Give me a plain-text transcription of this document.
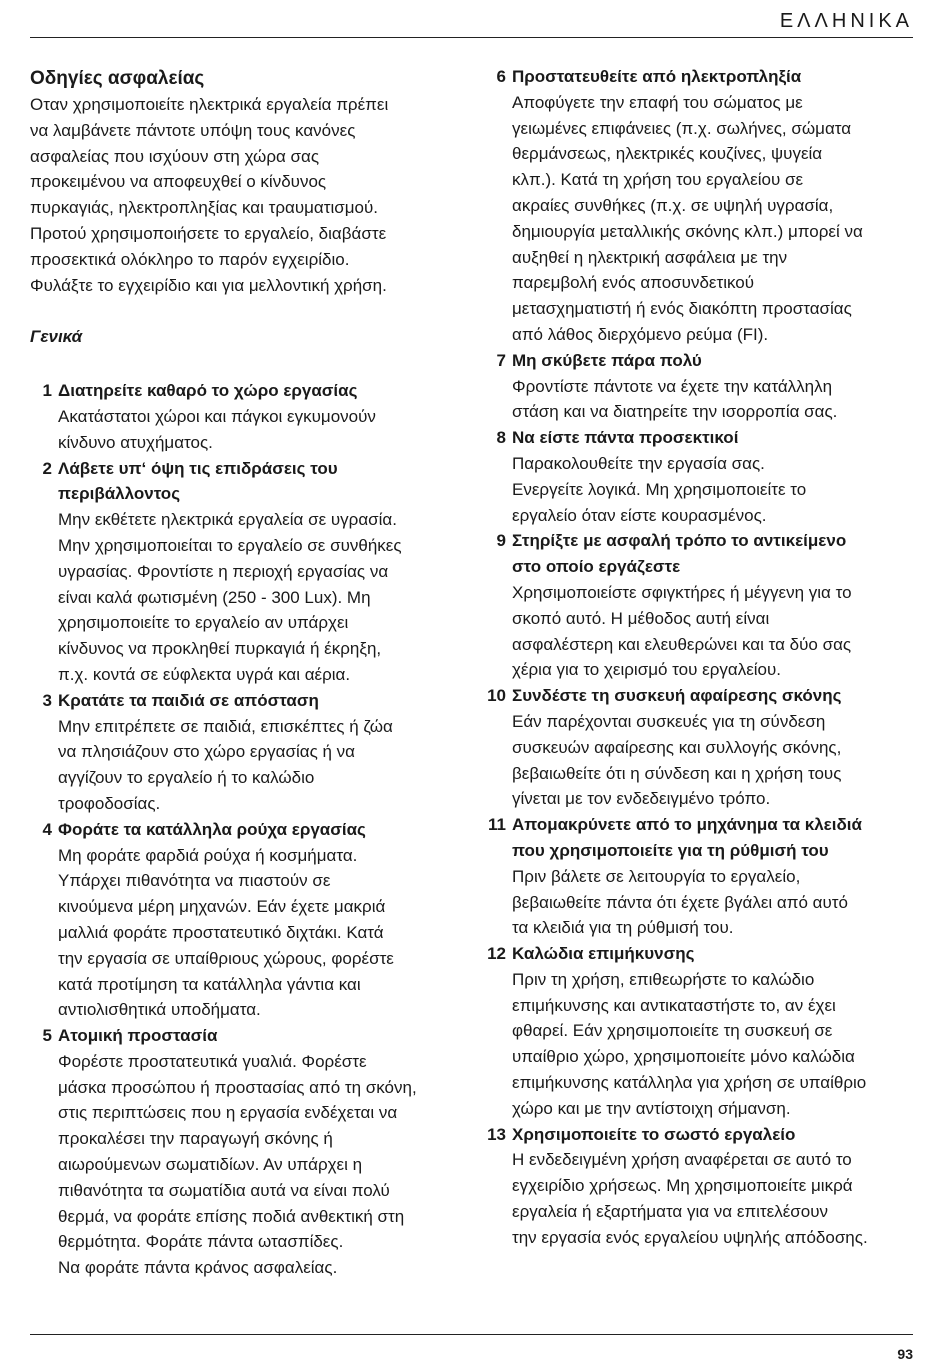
ΕΛΛΗΝΙΚΑ
Οδηγίες ασφαλείας
Οταν χρησιμοποιείτε ηλεκτρικά εργαλεία πρέπει
να λαμβάνετε πάντοτε υπόψη τους κανόνες
ασφαλείας που ισχύουν στη χώρα σας
προκειμένου να αποφευχθεί ο κίνδυνος
πυρκαγιάς, ηλεκτροπληξίας και τραυματισμού.
Προτού χρησιμοποιήσετε το εργαλείο, διαβάστε
προσεκτικά ολόκληρο το παρόν εγχειρίδιο.
Φυλάξτε το εγχειρίδιο και για μελλοντική χρήση.
Γενικά
1 Διατηρείτε καθαρό το χώρο εργασίας
Ακατάστατοι χώροι και πάγκοι εγκυμονούν
κίνδυνο ατυχήματος.
2 Λάβετε υπ‘ όψη τις επιδράσεις του
περιβάλλοντος
Μην εκθέτετε ηλεκτρικά εργαλεία σε υγρασία.
Μην χρησιμοποιείται το εργαλείο σε συνθήκες
υγρασίας. Φροντίστε η περιοχή εργασίας να
είναι καλά φωτισμένη (250 - 300 Lux). Μη
χρησιμοποιείτε το εργαλείο αν υπάρχει
κίνδυνος να προκληθεί πυρκαγιά ή έκρηξη,
π.χ. κοντά σε εύφλεκτα υγρά και αέρια.
3 Κρατάτε τα παιδιά σε απόσταση
Μην επιτρέπετε σε παιδιά, επισκέπτες ή ζώα
να πλησιάζουν στο χώρο εργασίας ή να
αγγίζουν το εργαλείο ή το καλώδιο
τροφοδοσίας.
4 Φοράτε τα κατάλληλα ρούχα εργασίας
Μη φοράτε φαρδιά ρούχα ή κοσμήματα.
Υπάρχει πιθανότητα να πιαστούν σε
κινούμενα μέρη μηχανών. Εάν έχετε μακριά
μαλλιά φοράτε προστατευτικό διχτάκι. Κατά
την εργασία σε υπαίθριους χώρους, φορέστε
κατά προτίμηση τα κατάλληλα γάντια και
αντιολισθητικά υποδήματα.
5 Ατομική προστασία
Φορέστε προστατευτικά γυαλιά. Φορέστε
μάσκα προσώπου ή προστασίας από τη σκόνη,
στις περιπτώσεις που η εργασία ενδέχεται να
προκαλέσει την παραγωγή σκόνης ή
αιωρούμενων σωματιδίων. Αν υπάρχει η
πιθανότητα τα σωματίδια αυτά να είναι πολύ
θερμά, να φοράτε επίσης ποδιά ανθεκτική στη
θερμότητα. Φοράτε πάντα ωτασπίδες.
Να φοράτε πάντα κράνος ασφαλείας.
6 Προστατευθείτε από ηλεκτροπληξία
Αποφύγετε την επαφή του σώματος με
γειωμένες επιφάνειες (π.χ. σωλήνες, σώματα
θερμάνσεως, ηλεκτρικές κουζίνες, ψυγεία
κλπ.). Κατά τη χρήση του εργαλείου σε
ακραίες συνθήκες (π.χ. σε υψηλή υγρασία,
δημιουργία μεταλλικής σκόνης κλπ.) μπορεί να
αυξηθεί η ηλεκτρική ασφάλεια με την
παρεμβολή ενός αποσυνδετικού
μετασχηματιστή ή ενός διακόπτη προστασίας
από λάθος διερχόμενο ρεύμα (FI).
7 Μη σκύβετε πάρα πολύ
Φροντίστε πάντοτε να έχετε την κατάλληλη
στάση και να διατηρείτε την ισορροπία σας.
8 Να είστε πάντα προσεκτικοί
Παρακολουθείτε την εργασία σας.
Ενεργείτε λογικά. Μη χρησιμοποιείτε το
εργαλείο όταν είστε κουρασμένος.
9 Στηρίξτε με ασφαλή τρόπο το αντικείμενο
στο οποίο εργάζεστε
Χρησιμοποιείστε σφιγκτήρες ή μέγγενη για το
σκοπό αυτό. Η μέθοδος αυτή είναι
ασφαλέστερη και ελευθερώνει και τα δύο σας
χέρια για το χειρισμό του εργαλείου.
10 Συνδέστε τη συσκευή αφαίρεσης σκόνης
Εάν παρέχονται συσκευές για τη σύνδεση
συσκευών αφαίρεσης και συλλογής σκόνης,
βεβαιωθείτε ότι η σύνδεση και η χρήση τους
γίνεται με τον ενδεδειγμένο τρόπο.
11 Απομακρύνετε από το μηχάνημα τα κλειδιά
που χρησιμοποιείτε για τη ρύθμισή του
Πριν βάλετε σε λειτουργία το εργαλείο,
βεβαιωθείτε πάντα ότι έχετε βγάλει από αυτό
τα κλειδιά για τη ρύθμισή του.
12 Καλώδια επιμήκυνσης
Πριν τη χρήση, επιθεωρήστε το καλώδιο
επιμήκυνσης και αντικαταστήστε το, αν έχει
φθαρεί. Εάν χρησιμοποιείτε τη συσκευή σε
υπαίθριο χώρο, χρησιμοποιείτε μόνο καλώδια
επιμήκυνσης κατάλληλα για χρήση σε υπαίθριο
χώρο και με την αντίστοιχη σήμανση.
13 Χρησιμοποιείτε το σωστό εργαλείο
Η ενδεδειγμένη χρήση αναφέρεται σε αυτό το
εγχειρίδιο χρήσεως. Μη χρησιμοποιείτε μικρά
εργαλεία ή εξαρτήματα για να επιτελέσουν
την εργασία ενός εργαλείου υψηλής απόδοσης.
93
